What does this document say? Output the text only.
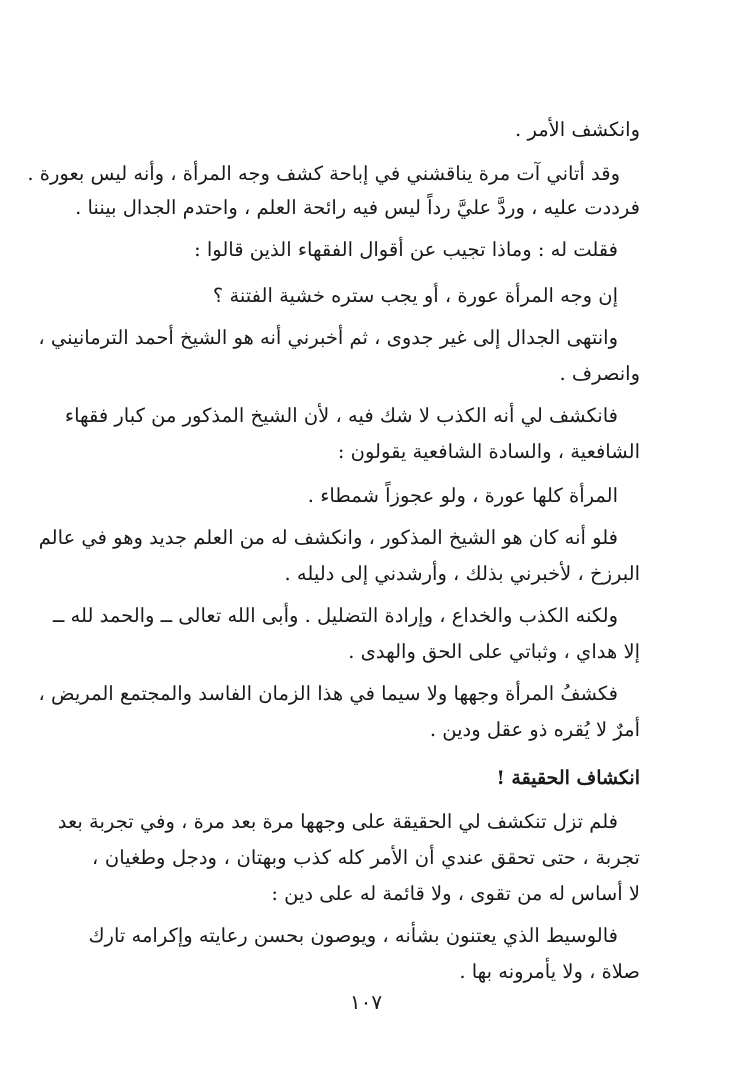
وانكشف الأمر .
وقد أتاني آت مرة يناقشني في إباحة كشف وجه المرأة ، وأنه ليس بعورة .
فرددت عليه ، وردَّ عليَّ رداً ليس فيه رائحة العلم ، واحتدم الجدال بيننا .
فقلت له : وماذا تجيب عن أقوال الفقهاء الذين قالوا :
إن وجه المرأة عورة ، أو يجب ستره خشية الفتنة ؟
وانتهى الجدال إلى غير جدوى ، ثم أخبرني أنه هو الشيخ أحمد الترمانيني ،
وانصرف .
فانكشف لي أنه الكذب لا شك فيه ، لأن الشيخ المذكور من كبار فقهاء
الشافعية ، والسادة الشافعية يقولون :
المرأة كلها عورة ، ولو عجوزاً شمطاء .
فلو أنه كان هو الشيخ المذكور ، وانكشف له من العلم جديد وهو في عالم
البرزخ ، لأخبرني بذلك ، وأرشدني إلى دليله .
ولكنه الكذب والخداع ، وإرادة التضليل . وأبى الله تعالى ــ والحمد لله ــ
إلا هداي ، وثباتي على الحق والهدى .
فكشفُ المرأة وجهها ولا سيما في هذا الزمان الفاسد والمجتمع المريض ،
أمرٌ لا يُقره ذو عقل ودين .
انكشاف الحقيقة !
فلم تزل تنكشف لي الحقيقة على وجهها مرة بعد مرة ، وفي تجربة بعد
تجربة ، حتى تحقق عندي أن الأمر كله كذب وبهتان ، ودجل وطغيان ،
لا أساس له من تقوى ، ولا قائمة له على دين :
فالوسيط الذي يعتنون بشأنه ، ويوصون بحسن رعايته وإكرامه تارك
صلاة ، ولا يأمرونه بها .
١٠٧
